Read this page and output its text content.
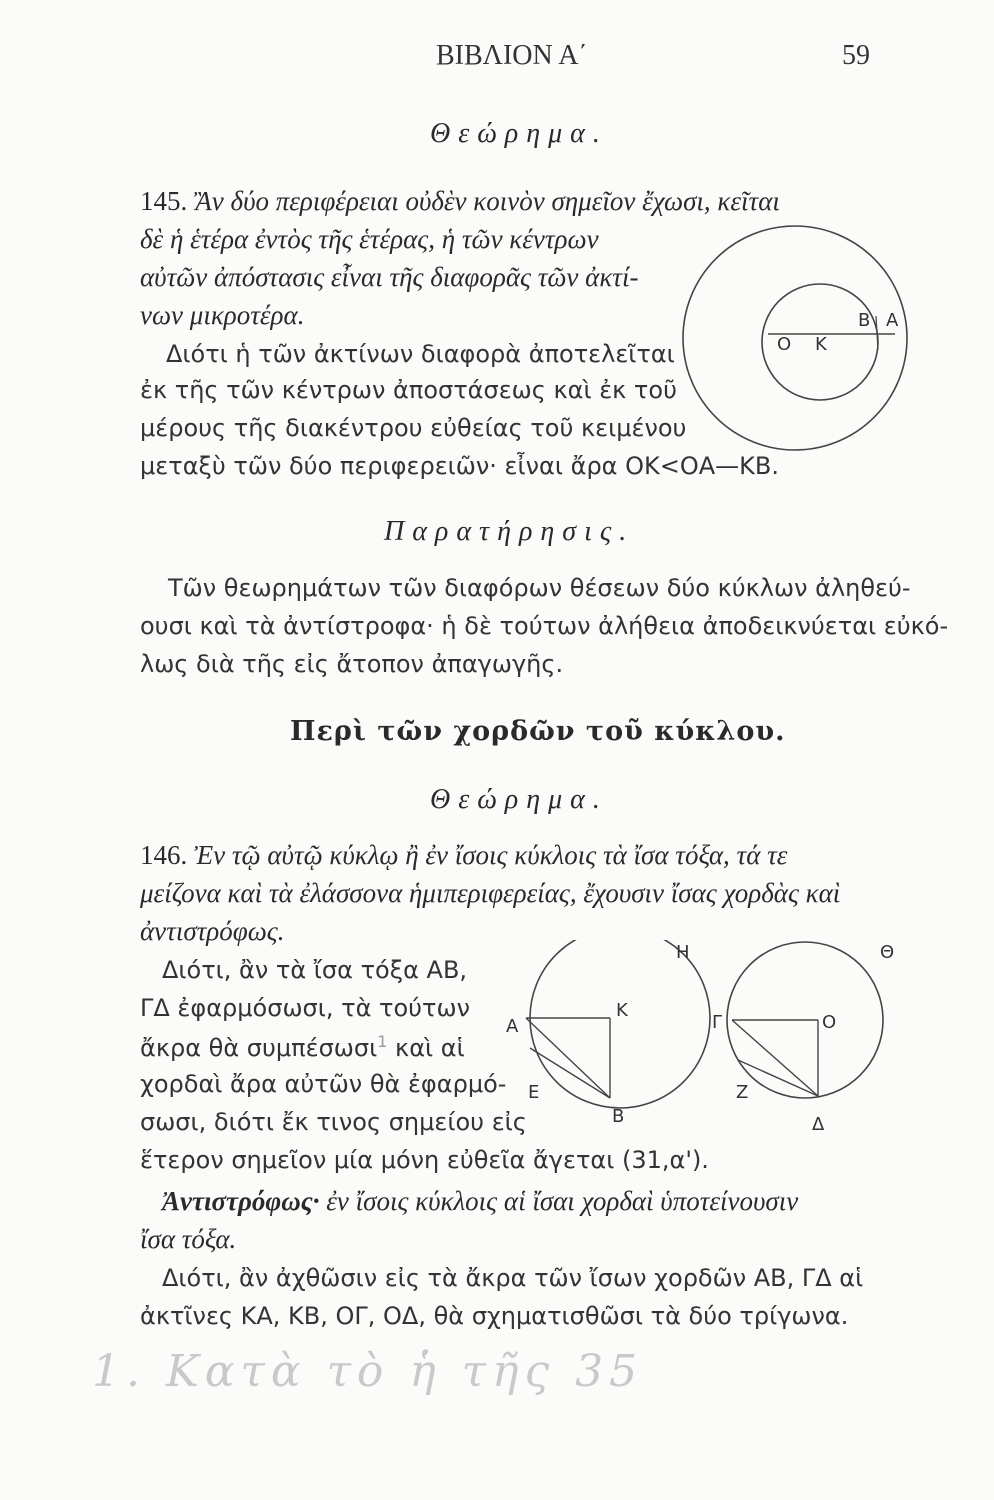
ΒΙΒΛΙΟΝ Α΄	59
Θεώρημα.
145. Ἂν δύο περιφέρειαι οὐδὲν κοινὸν σημεῖον ἔχωσι, κεῖται
δὲ ἡ ἑτέρα ἐντὸς τῆς ἑτέρας, ἡ τῶν κέντρων
αὐτῶν ἀπόστασις εἶναι τῆς διαφορᾶς τῶν ἀκτί-
νων μικροτέρα.
Διότι ἡ τῶν ἀκτίνων διαφορὰ ἀποτελεῖται
ἐκ τῆς τῶν κέντρων ἀποστάσεως καὶ ἐκ τοῦ
μέρους τῆς διακέντρου εὐθείας τοῦ κειμένου
μεταξὺ τῶν δύο περιφερειῶν· εἶναι ἄρα ΟΚ<ΟΑ—ΚΒ.
Ο Κ
Β Α
Παρατήρησις.
Τῶν θεωρημάτων τῶν διαφόρων θέσεων δύο κύκλων ἀληθεύ-
ουσι καὶ τὰ ἀντίστροφα· ἡ δὲ τούτων ἀλήθεια ἀποδεικνύεται εὐκό-
λως διὰ τῆς εἰς ἄτοπον ἀπαγωγῆς.
Περὶ τῶν χορδῶν τοῦ κύκλου.
Θεώρημα.
146. Ἐν τῷ αὐτῷ κύκλῳ ἢ ἐν ἴσοις κύκλοις τὰ ἴσα τόξα, τά τε
μείζονα καὶ τὰ ἐλάσσονα ἡμιπεριφερείας, ἔχουσιν ἴσας χορδὰς καὶ
ἀντιστρόφως.
Διότι, ἂν τὰ ἴσα τόξα ΑΒ,
ΓΔ ἐφαρμόσωσι, τὰ τούτων
ἄκρα θὰ συμπέσωσι$^1$ καὶ αἱ
χορδαὶ ἄρα αὐτῶν θὰ ἐφαρμό-
σωσι, διότι ἔκ τινος σημείου εἰς
ἕτερον σημεῖον μία μόνη εὐθεῖα ἄγεται (31,α').
Η	Θ
Α
Κ
Γ	Ο
Ε	Ζ
Β	Δ
Ἀντιστρόφως· ἐν ἴσοις κύκλοις αἱ ἴσαι χορδαὶ ὑποτείνουσιν
ἴσα τόξα.
Διότι, ἂν ἀχθῶσιν εἰς τὰ ἄκρα τῶν ἴσων χορδῶν ΑΒ, ΓΔ αἱ
ἀκτῖνες ΚΑ, ΚΒ, ΟΓ, ΟΔ, θὰ σχηματισθῶσι τὰ δύο τρίγωνα.
1. Κατὰ τὸ ἡ τῆς 35
